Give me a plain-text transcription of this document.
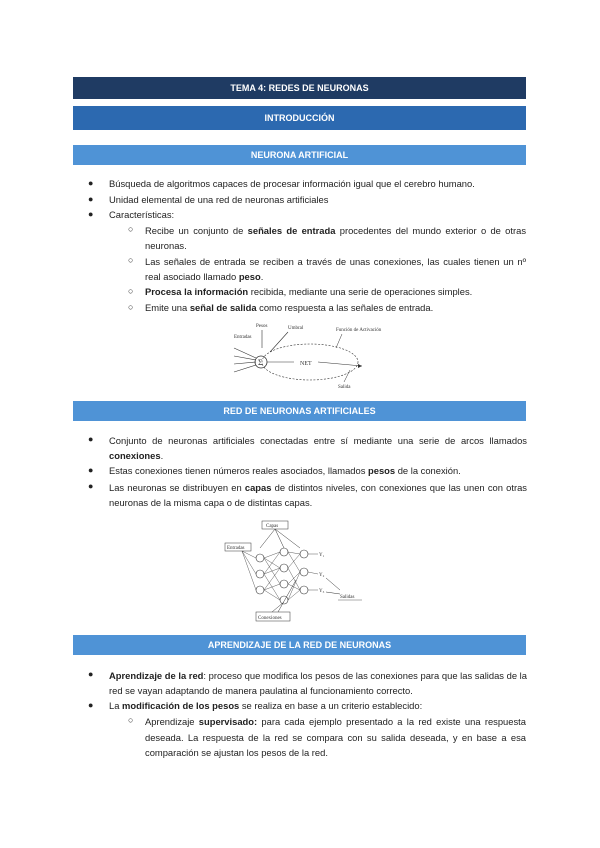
TEMA 4: REDES DE NEURONAS
INTRODUCCIÓN
NEURONA ARTIFICIAL
● Búsqueda de algoritmos capaces de procesar información igual que el cerebro humano.
● Unidad elemental de una red de neuronas artificiales
● Características:
○ Recibe un conjunto de señales de entrada procedentes del mundo exterior o de otras neuronas.
○ Las señales de entrada se reciben a través de unas conexiones, las cuales tienen un nº real asociado llamado peso.
○ Procesa la información recibida, mediante una serie de operaciones simples.
○ Emite una señal de salida como respuesta a las señales de entrada.
Pesos	Umbral
Entradas
Función de Activación
Σ	NET
Salida
RED DE NEURONAS ARTIFICIALES
● Conjunto de neuronas artificiales conectadas entre sí mediante una serie de arcos llamados conexiones.
● Estas conexiones tienen números reales asociados, llamados pesos de la conexión.
● Las neuronas se distribuyen en capas de distintos niveles, con conexiones que las unen con otras neuronas de la misma capa o de distintas capas.
Capas
Entradas
Y₁
Y₂
Y₃
Salidas
Conexiones
APRENDIZAJE DE LA RED DE NEURONAS
● Aprendizaje de la red: proceso que modifica los pesos de las conexiones para que las salidas de la red se vayan adaptando de manera paulatina al funcionamiento correcto.
● La modificación de los pesos se realiza en base a un criterio establecido:
○ Aprendizaje supervisado: para cada ejemplo presentado a la red existe una respuesta deseada. La respuesta de la red se compara con su salida deseada, y en base a esa comparación se ajustan los pesos de la red.
